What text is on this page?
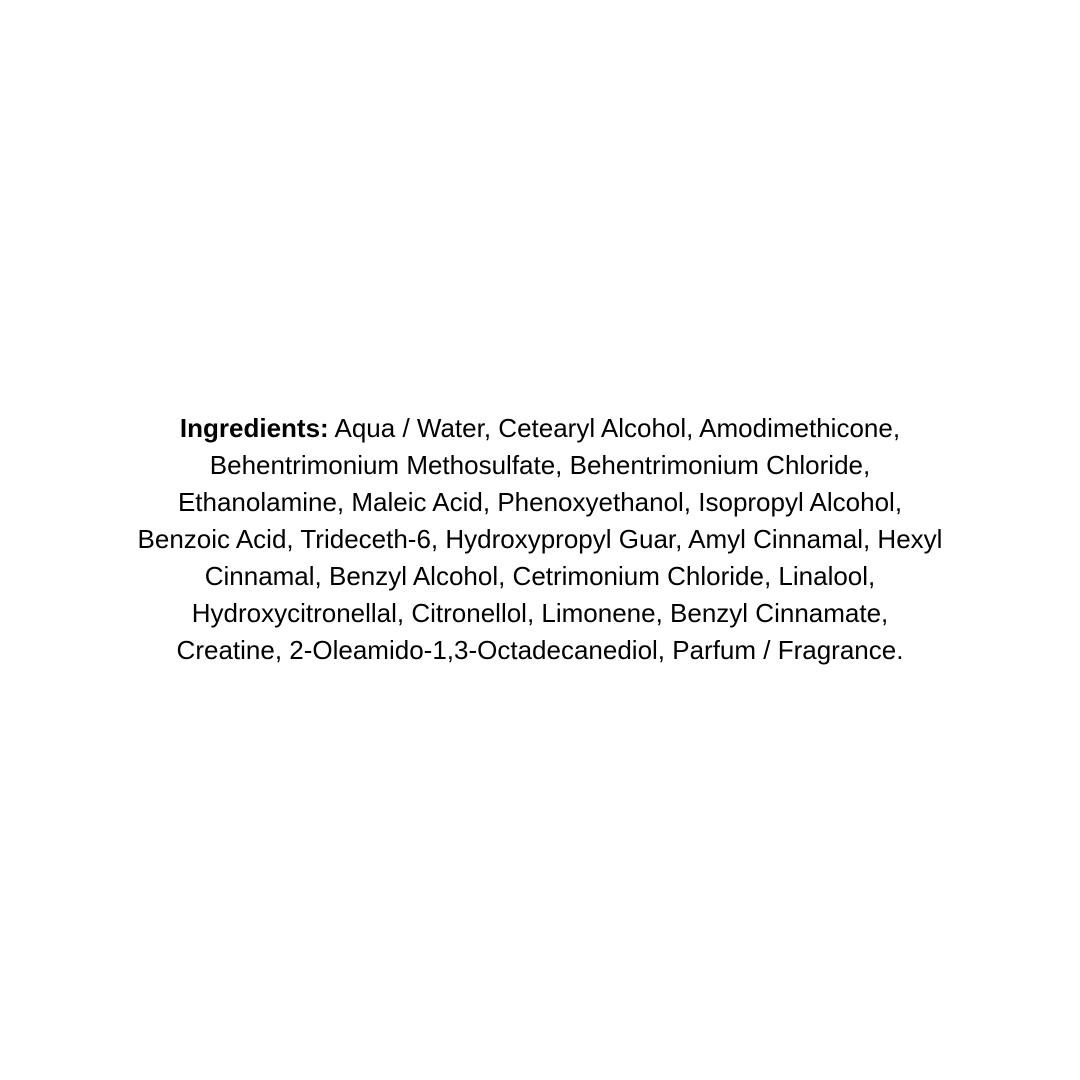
Ingredients: Aqua / Water, Cetearyl Alcohol, Amodimethicone,
Behentrimonium Methosulfate, Behentrimonium Chloride,
Ethanolamine, Maleic Acid, Phenoxyethanol, Isopropyl Alcohol,
Benzoic Acid, Trideceth-6, Hydroxypropyl Guar, Amyl Cinnamal, Hexyl
Cinnamal, Benzyl Alcohol, Cetrimonium Chloride, Linalool,
Hydroxycitronellal, Citronellol, Limonene, Benzyl Cinnamate,
Creatine, 2-Oleamido-1,3-Octadecanediol, Parfum / Fragrance.
